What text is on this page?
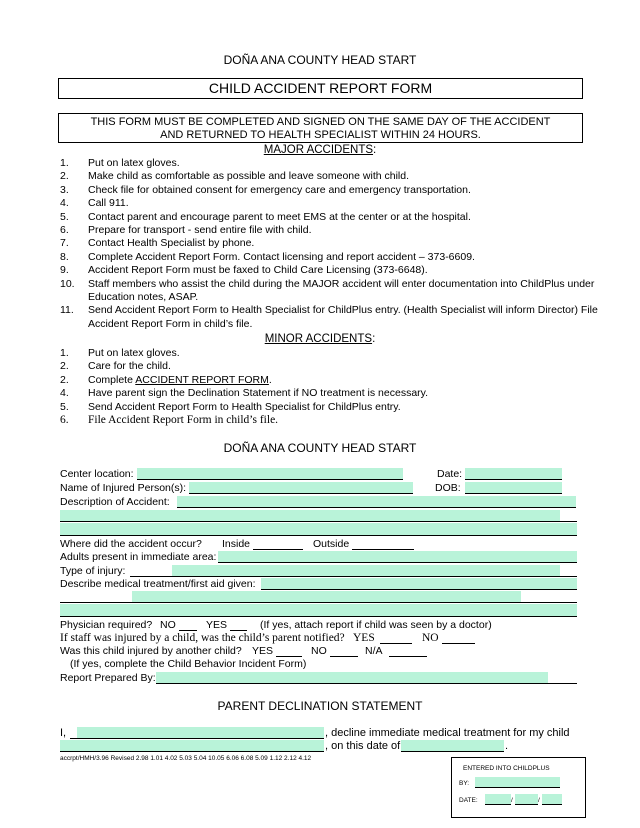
DOÑA ANA COUNTY HEAD START
CHILD ACCIDENT REPORT FORM
THIS FORM MUST BE COMPLETED AND SIGNED ON THE SAME DAY OF THE ACCIDENT
AND RETURNED TO HEALTH SPECIALIST WITHIN 24 HOURS.
MAJOR ACCIDENTS:
1. Put on latex gloves.
2. Make child as comfortable as possible and leave someone with child.
3. Check file for obtained consent for emergency care and emergency transportation.
4. Call 911.
5. Contact parent and encourage parent to meet EMS at the center or at the hospital.
6. Prepare for transport - send entire file with child.
7. Contact Health Specialist by phone.
8. Complete Accident Report Form. Contact licensing and report accident – 373-6609.
9. Accident Report Form must be faxed to Child Care Licensing (373-6648).
10. Staff members who assist the child during the MAJOR accident will enter documentation into ChildPlus under Education notes, ASAP.
11. Send Accident Report Form to Health Specialist for ChildPlus entry. (Health Specialist will inform Director) File Accident Report Form in child’s file.
MINOR ACCIDENTS:
1. Put on latex gloves.
2. Care for the child.
2. Complete ACCIDENT REPORT FORM.
4. Have parent sign the Declination Statement if NO treatment is necessary.
5. Send Accident Report Form to Health Specialist for ChildPlus entry.
6. File Accident Report Form in child’s file.
DOÑA ANA COUNTY HEAD START
Center location:	Date:
Name of Injured Person(s):	DOB:
Description of Accident:
Where did the accident occur? Inside	Outside
Adults present in immediate area:
Type of injury:
Describe medical treatment/first aid given:
Physician required? NO	YES	(If yes, attach report if child was seen by a doctor)
If staff was injured by a child, was the child’s parent notified? YES	NO
Was this child injured by another child? YES	NO	N/A
(If yes, complete the Child Behavior Incident Form)
Report Prepared By:
PARENT DECLINATION STATEMENT
I,	, decline immediate medical treatment for my child
, on this date of	.
accrpt/HMH/3.96 Revised 2.98 1.01 4.02 5.03 5.04 10.05 6.06 6.08 5.09 1.12 2.12 4.12
ENTERED INTO CHILDPLUS
BY:
DATE:	/	/
